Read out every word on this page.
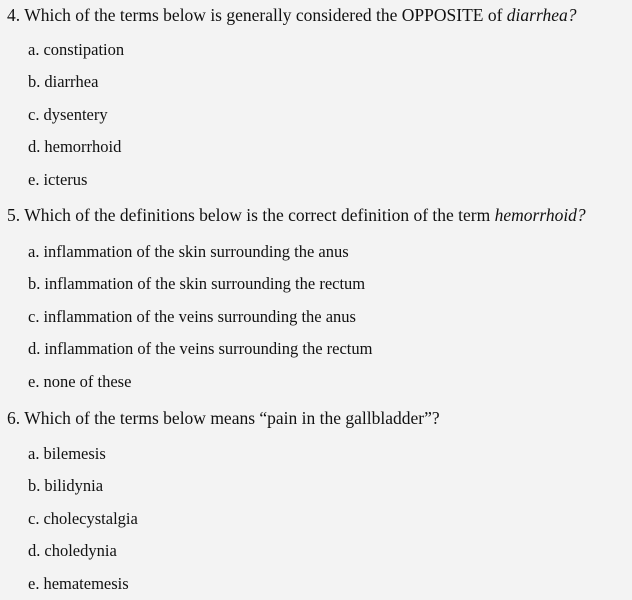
4. Which of the terms below is generally considered the OPPOSITE of diarrhea?
a. constipation
b. diarrhea
c. dysentery
d. hemorrhoid
e. icterus
5. Which of the definitions below is the correct definition of the term hemorrhoid?
a. inflammation of the skin surrounding the anus
b. inflammation of the skin surrounding the rectum
c. inflammation of the veins surrounding the anus
d. inflammation of the veins surrounding the rectum
e. none of these
6. Which of the terms below means “pain in the gallbladder”?
a. bilemesis
b. bilidynia
c. cholecystalgia
d. choledynia
e. hematemesis
